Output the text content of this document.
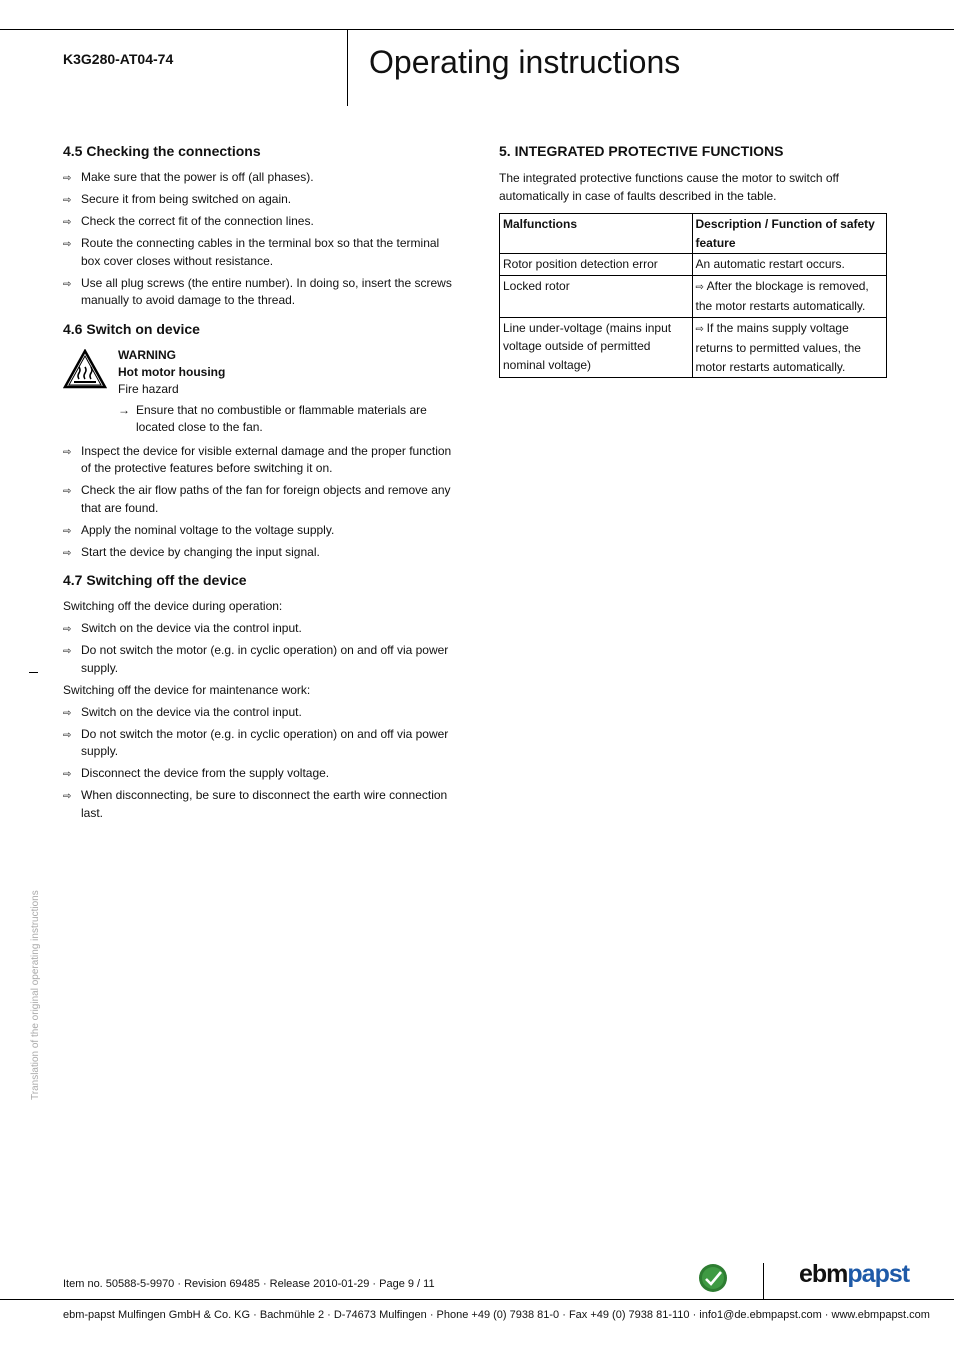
K3G280-AT04-74	Operating instructions
4.5 Checking the connections
⇨ Make sure that the power is off (all phases).
⇨ Secure it from being switched on again.
⇨ Check the correct fit of the connection lines.
⇨ Route the connecting cables in the terminal box so that the terminal box cover closes without resistance.
⇨ Use all plug screws (the entire number). In doing so, insert the screws manually to avoid damage to the thread.
4.6 Switch on device
WARNING
Hot motor housing
Fire hazard
→ Ensure that no combustible or flammable materials are located close to the fan.
⇨ Inspect the device for visible external damage and the proper function of the protective features before switching it on.
⇨ Check the air flow paths of the fan for foreign objects and remove any that are found.
⇨ Apply the nominal voltage to the voltage supply.
⇨ Start the device by changing the input signal.
4.7 Switching off the device

Switching off the device during operation:

⇨ Switch on the device via the control input.
⇨ Do not switch the motor (e.g. in cyclic operation) on and off via power supply.

Switching off the device for maintenance work:

⇨ Switch on the device via the control input.
⇨ Do not switch the motor (e.g. in cyclic operation) on and off via power supply.
⇨ Disconnect the device from the supply voltage.
⇨ When disconnecting, be sure to disconnect the earth wire connection last.
5. INTEGRATED PROTECTIVE FUNCTIONS

The integrated protective functions cause the motor to switch off automatically in case of faults described in the table.

Malfunctions	Description / Function of safety feature
Rotor position detection error	An automatic restart occurs.
Locked rotor	⇨ After the blockage is removed, the motor restarts automatically.
Line under-voltage (mains input voltage outside of permitted nominal voltage)	⇨ If the mains supply voltage returns to permitted values, the motor restarts automatically.
Translation of the original operating instructions
Item no. 50588-5-9970 · Revision 69485 · Release 2010-01-29 · Page 9 / 11	ebmpapst
ebm-papst Mulfingen GmbH & Co. KG · Bachmühle 2 · D-74673 Mulfingen · Phone +49 (0) 7938 81-0 · Fax +49 (0) 7938 81-110 · info1@de.ebmpapst.com · www.ebmpapst.com
